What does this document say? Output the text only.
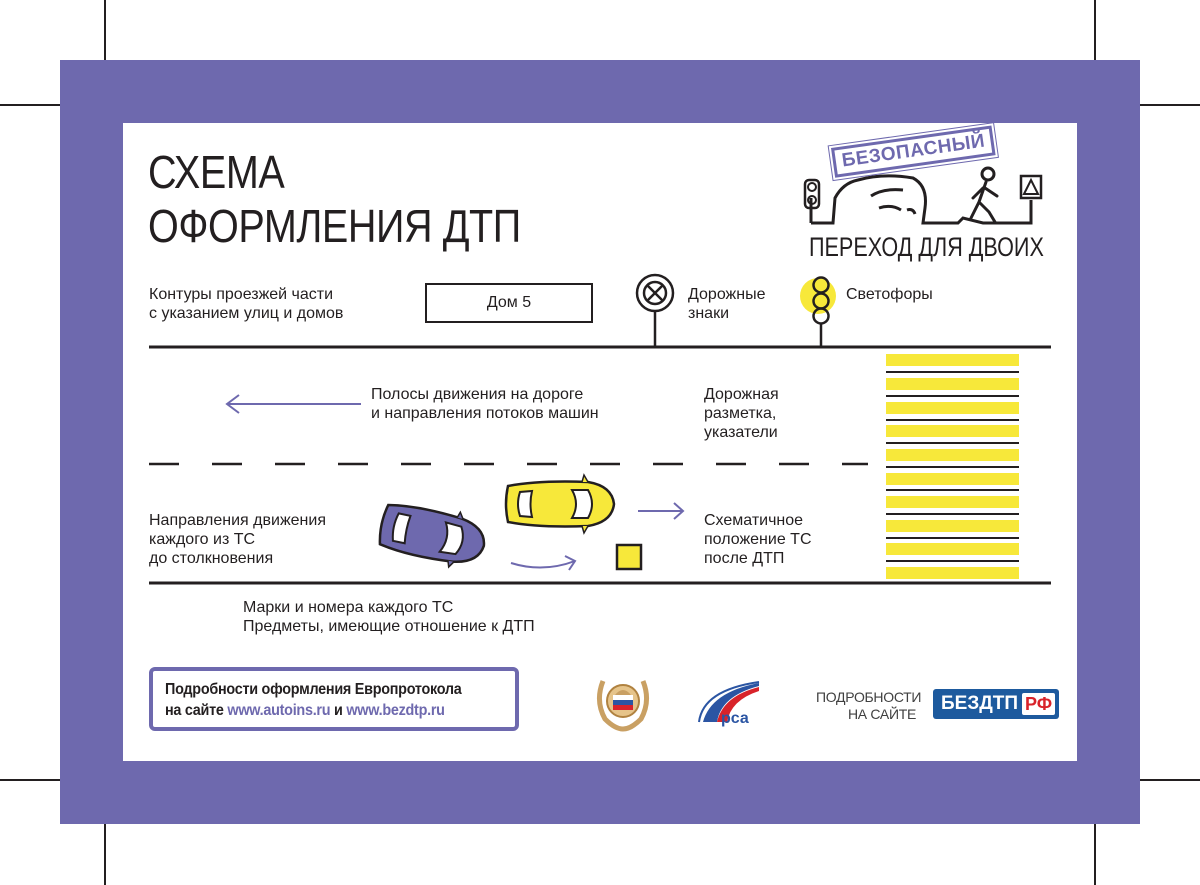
СХЕМА
ОФОРМЛЕНИЯ ДТП
БЕЗОПАСНЫЙ
ПЕРЕХОД ДЛЯ ДВОИХ
Контуры проезжей части
с указанием улиц и домов
Дом 5	Дорожные
знаки
Светофоры
Полосы движения на дороге
и направления потоков машин
Дорожная
разметка,
указатели
Направления движения
каждого из ТС
до столкновения
Схематичное
положение ТС
после ДТП
Марки и номера каждого ТС
Предметы, имеющие отношение к ДТП
Подробности оформления Европротокола
на сайте www.autoins.ru и www.bezdtp.ru	рса
ПОДРОБНОСТИ
НА САЙТЕ БЕЗДТП РФ
